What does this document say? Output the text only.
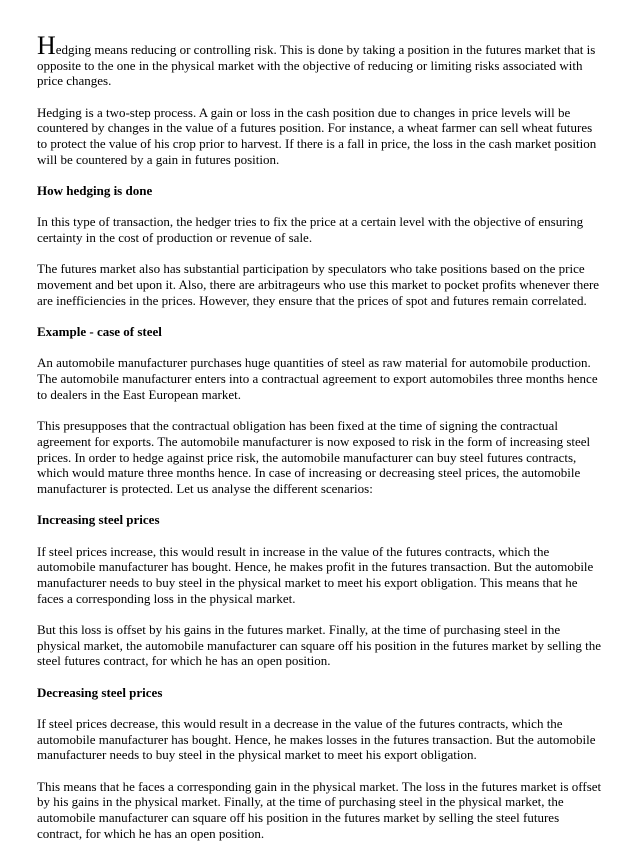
Hedging means reducing or controlling risk. This is done by taking a position in the futures market that is opposite to the one in the physical market with the objective of reducing or limiting risks associated with price changes.

Hedging is a two-step process. A gain or loss in the cash position due to changes in price levels will be countered by changes in the value of a futures position. For instance, a wheat farmer can sell wheat futures to protect the value of his crop prior to harvest. If there is a fall in price, the loss in the cash market position will be countered by a gain in futures position.

How hedging is done

In this type of transaction, the hedger tries to fix the price at a certain level with the objective of ensuring certainty in the cost of production or revenue of sale.

The futures market also has substantial participation by speculators who take positions based on the price movement and bet upon it. Also, there are arbitrageurs who use this market to pocket profits whenever there are inefficiencies in the prices. However, they ensure that the prices of spot and futures remain correlated.

Example - case of steel

An automobile manufacturer purchases huge quantities of steel as raw material for automobile production. The automobile manufacturer enters into a contractual agreement to export automobiles three months hence to dealers in the East European market.

This presupposes that the contractual obligation has been fixed at the time of signing the contractual agreement for exports. The automobile manufacturer is now exposed to risk in the form of increasing steel prices. In order to hedge against price risk, the automobile manufacturer can buy steel futures contracts, which would mature three months hence. In case of increasing or decreasing steel prices, the automobile manufacturer is protected. Let us analyse the different scenarios:

Increasing steel prices

If steel prices increase, this would result in increase in the value of the futures contracts, which the automobile manufacturer has bought. Hence, he makes profit in the futures transaction. But the automobile manufacturer needs to buy steel in the physical market to meet his export obligation. This means that he faces a corresponding loss in the physical market.

But this loss is offset by his gains in the futures market. Finally, at the time of purchasing steel in the physical market, the automobile manufacturer can square off his position in the futures market by selling the steel futures contract, for which he has an open position.

Decreasing steel prices

If steel prices decrease, this would result in a decrease in the value of the futures contracts, which the automobile manufacturer has bought. Hence, he makes losses in the futures transaction. But the automobile manufacturer needs to buy steel in the physical market to meet his export obligation.

This means that he faces a corresponding gain in the physical market. The loss in the futures market is offset by his gains in the physical market. Finally, at the time of purchasing steel in the physical market, the automobile manufacturer can square off his position in the futures market by selling the steel futures contract, for which he has an open position.
